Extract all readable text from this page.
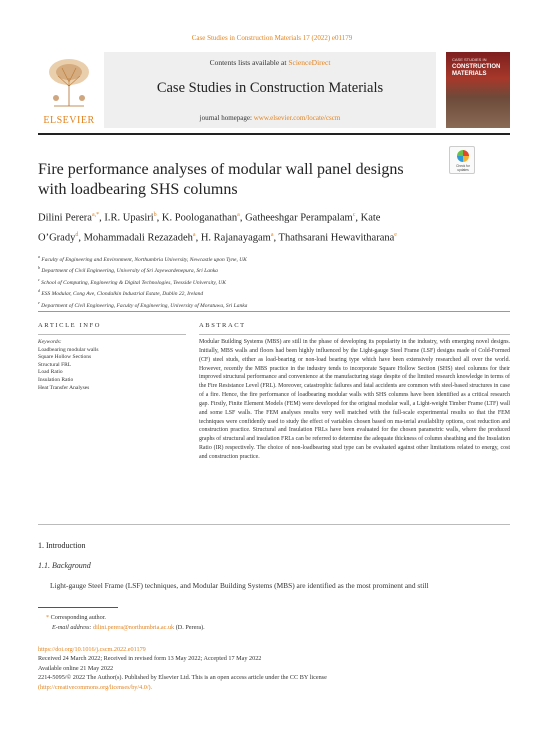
Case Studies in Construction Materials 17 (2022) e01179
ELSEVIER
Contents lists available at ScienceDirect
Case Studies in Construction Materials
journal homepage: www.elsevier.com/locate/cscm
CASE STUDIES IN
CONSTRUCTION
MATERIALS
Fire performance analyses of modular wall panel designs with loadbearing SHS columns
Check for
updates
Dilini Perera$^{a,*}$, I.R. Upasiri$^b$, K. Poologanathan$^a$, Gatheeshgar Perampalam$^c$, Kate O’Grady$^d$, Mohammadali Rezazadeh$^a$, H. Rajanayagam$^a$, Thathsarani Hewavitharana$^e$
$^a$ Faculty of Engineering and Environment, Northumbria University, Newcastle upon Tyne, UK
$^b$ Department of Civil Engineering, University of Sri Jayewardenepura, Sri Lanka
$^c$ School of Computing, Engineering & Digital Technologies, Teesside University, UK
$^d$ ESS Modular, Cong Ave, Clondalkin Industrial Estate, Dublin 22, Ireland
$^e$ Department of Civil Engineering, Faculty of Engineering, University of Moratuwa, Sri Lanka
ARTICLE INFO	ABSTRACT
Keywords:
Loadbearing modular walls
Square Hollow Sections
Structural FRL
Load Ratio
Insulation Ratio
Heat Transfer Analyses
Modular Building Systems (MBS) are still in the phase of developing its popularity in the industry, with emerging novel designs. Initially, MBS walls and floors had been highly influenced by the Light-gauge Steel Frame (LSF) designs made of Cold-Formed (CF) steel studs, either as load-bearing or non-load bearing type which have been extensively researched all over the world. However, recently the MBS practice in the industry tends to incorporate Square Hollow Section (SHS) steel columns for their improved structural performance and convenience at the manufacturing stage despite of the limited research knowledge in terms of the Fire Resistance Level (FRL). Moreover, catastrophic failures and fatal accidents are common with steel-based structures in case of a fire. Hence, the fire performance of loadbearing modular walls with SHS columns have been identified as a critical research gap. Firstly, Finite Element Models (FEM) were developed for the original modular wall, a Light-weight Timber Frame (LTF) wall and some LSF walls. The FEM analyses results very well matched with the full-scale experimental results so that the FEM techniques were confidently used to study the effect of variables chosen based on ma-terial availability options, cost reduction and construction practice. Structural and Insulation FRLs have been evaluated for the chosen parametric walls, where the produced graphs of structural and insulation FRLs can be referred to determine the adequate thickness of column sheathing and the Insulation Ratio (IR) respectively. The choice of non-loadbearing stud type can be evaluated against other limitations related to energy, cost and construction practice.
1. Introduction
1.1. Background
Light-gauge Steel Frame (LSF) techniques, and Modular Building Systems (MBS) are identified as the most prominent and still
* Corresponding author.
E-mail address: dilini.perera@northumbria.ac.uk (D. Perera).
https://doi.org/10.1016/j.cscm.2022.e01179
Received 24 March 2022; Received in revised form 13 May 2022; Accepted 17 May 2022
Available online 21 May 2022
2214-5095/© 2022 The Author(s). Published by Elsevier Ltd. This is an open access article under the CC BY license
(http://creativecommons.org/licenses/by/4.0/).
